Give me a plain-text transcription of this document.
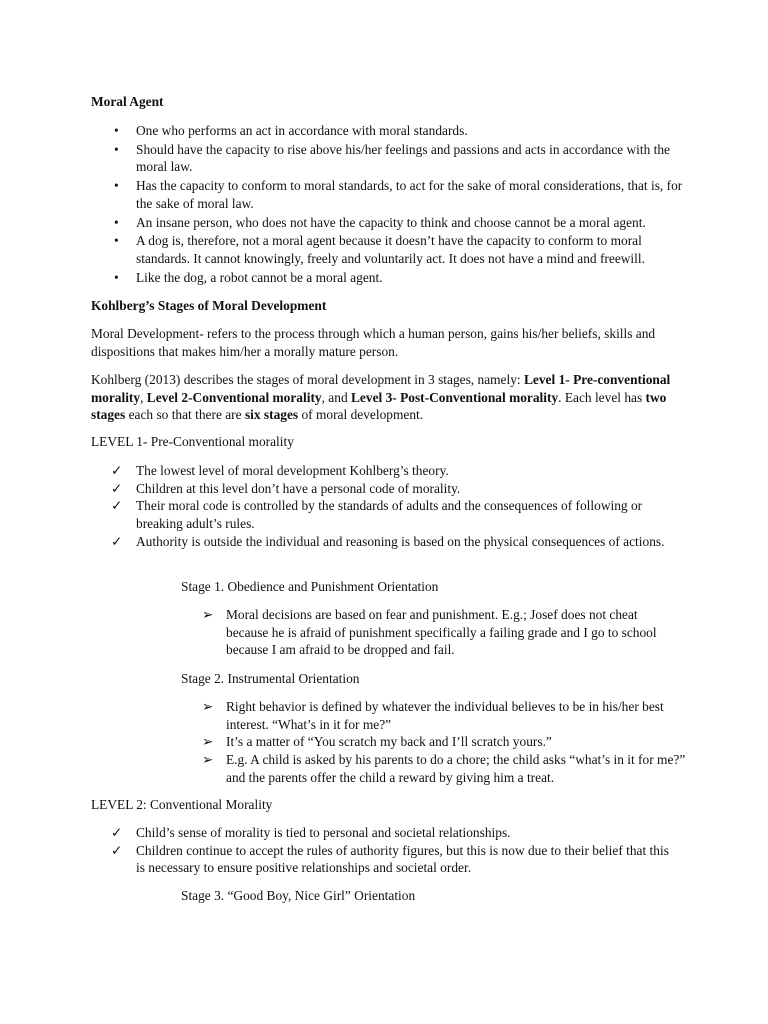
Moral Agent
• One who performs an act in accordance with moral standards.
• Should have the capacity to rise above his/her feelings and passions and acts in accordance with the moral law.
• Has the capacity to conform to moral standards, to act for the sake of moral considerations, that is, for the sake of moral law.
• An insane person, who does not have the capacity to think and choose cannot be a moral agent.
• A dog is, therefore, not a moral agent because it doesn’t have the capacity to conform to moral standards. It cannot knowingly, freely and voluntarily act. It does not have a mind and freewill.
• Like the dog, a robot cannot be a moral agent.
Kohlberg’s Stages of Moral Development

Moral Development- refers to the process through which a human person, gains his/her beliefs, skills and dispositions that makes him/her a morally mature person.

Kohlberg (2013) describes the stages of moral development in 3 stages, namely: Level 1- Pre-conventional morality, Level 2-Conventional morality, and Level 3- Post-Conventional morality. Each level has two stages each so that there are six stages of moral development.

LEVEL 1- Pre-Conventional morality
✓ The lowest level of moral development Kohlberg’s theory.
✓ Children at this level don’t have a personal code of morality.
✓ Their moral code is controlled by the standards of adults and the consequences of following or breaking adult’s rules.
✓ Authority is outside the individual and reasoning is based on the physical consequences of actions.
Stage 1. Obedience and Punishment Orientation
➢ Moral decisions are based on fear and punishment. E.g.; Josef does not cheat because he is afraid of punishment specifically a failing grade and I go to school because I am afraid to be dropped and fail.
Stage 2. Instrumental Orientation
➢ Right behavior is defined by whatever the individual believes to be in his/her best interest. “What’s in it for me?”
➢ It’s a matter of “You scratch my back and I’ll scratch yours.”
➢ E.g. A child is asked by his parents to do a chore; the child asks “what’s in it for me?” and the parents offer the child a reward by giving him a treat.
LEVEL 2: Conventional Morality
✓ Child’s sense of morality is tied to personal and societal relationships.
✓ Children continue to accept the rules of authority figures, but this is now due to their belief that this is necessary to ensure positive relationships and societal order.
Stage 3. “Good Boy, Nice Girl” Orientation
